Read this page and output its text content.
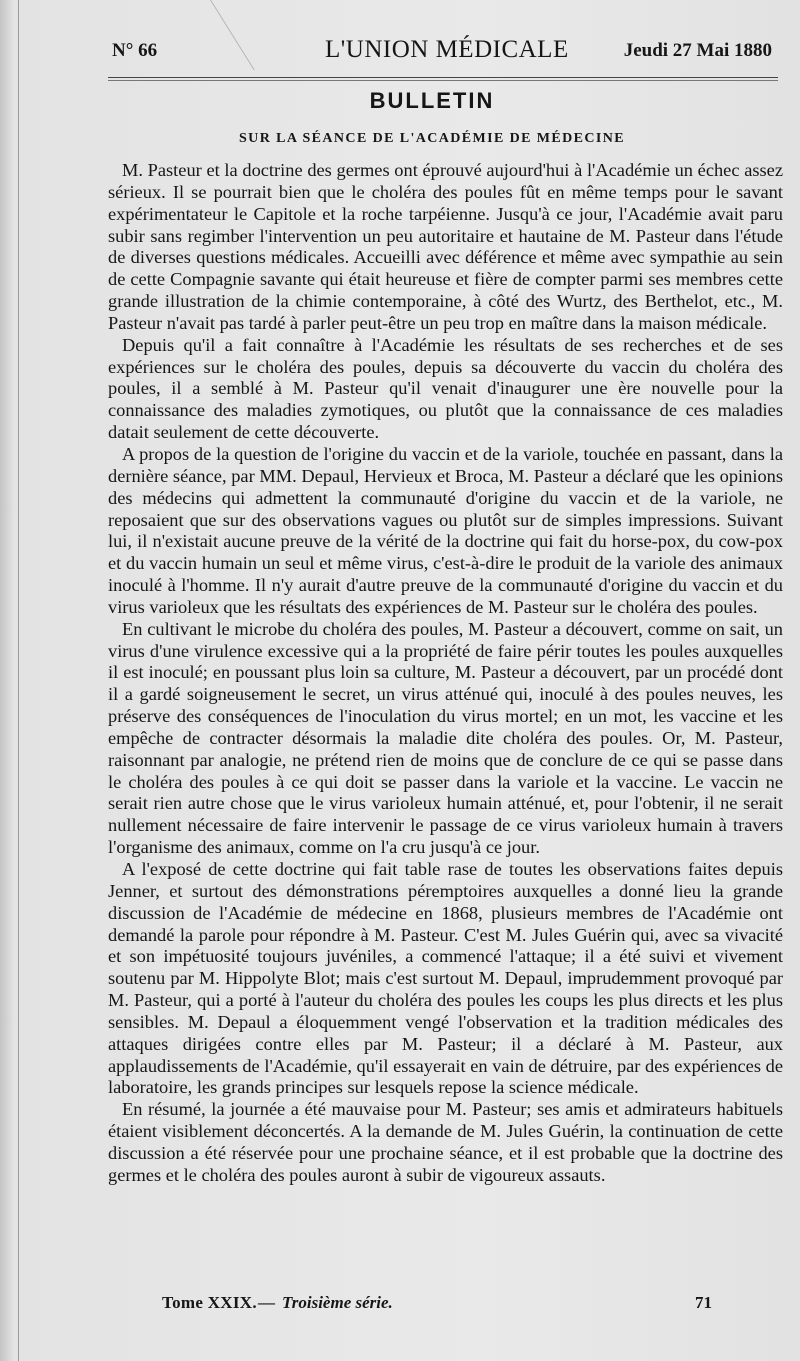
N° 66	L'UNION MÉDICALE	Jeudi 27 Mai 1880
BULLETIN
SUR LA SÉANCE DE L'ACADÉMIE DE MÉDECINE

M. Pasteur et la doctrine des germes ont éprouvé aujourd'hui à l'Académie un échec assez sérieux. Il se pourrait bien que le choléra des poules fût en même temps pour le savant expérimentateur le Capitole et la roche tarpéienne. Jusqu'à ce jour, l'Académie avait paru subir sans regimber l'intervention un peu autoritaire et hautaine de M. Pasteur dans l'étude de diverses questions médicales. Accueilli avec déférence et même avec sympathie au sein de cette Compagnie savante qui était heureuse et fière de compter parmi ses membres cette grande illustration de la chimie contemporaine, à côté des Wurtz, des Berthelot, etc., M. Pasteur n'avait pas tardé à parler peut-être un peu trop en maître dans la maison médicale.

Depuis qu'il a fait connaître à l'Académie les résultats de ses recherches et de ses expériences sur le choléra des poules, depuis sa découverte du vaccin du choléra des poules, il a semblé à M. Pasteur qu'il venait d'inaugurer une ère nouvelle pour la connaissance des maladies zymotiques, ou plutôt que la connaissance de ces maladies datait seulement de cette découverte.

A propos de la question de l'origine du vaccin et de la variole, touchée en passant, dans la dernière séance, par MM. Depaul, Hervieux et Broca, M. Pasteur a déclaré que les opinions des médecins qui admettent la communauté d'origine du vaccin et de la variole, ne reposaient que sur des observations vagues ou plutôt sur de simples impressions. Suivant lui, il n'existait aucune preuve de la vérité de la doctrine qui fait du horse-pox, du cow-pox et du vaccin humain un seul et même virus, c'est-à-dire le produit de la variole des animaux inoculé à l'homme. Il n'y aurait d'autre preuve de la communauté d'origine du vaccin et du virus varioleux que les résultats des expériences de M. Pasteur sur le choléra des poules.

En cultivant le microbe du choléra des poules, M. Pasteur a découvert, comme on sait, un virus d'une virulence excessive qui a la propriété de faire périr toutes les poules auxquelles il est inoculé; en poussant plus loin sa culture, M. Pasteur a découvert, par un procédé dont il a gardé soigneusement le secret, un virus atténué qui, inoculé à des poules neuves, les préserve des conséquences de l'inoculation du virus mortel; en un mot, les vaccine et les empêche de contracter désormais la maladie dite choléra des poules. Or, M. Pasteur, raisonnant par analogie, ne prétend rien de moins que de conclure de ce qui se passe dans le choléra des poules à ce qui doit se passer dans la variole et la vaccine. Le vaccin ne serait rien autre chose que le virus varioleux humain atténué, et, pour l'obtenir, il ne serait nullement nécessaire de faire intervenir le passage de ce virus varioleux humain à travers l'organisme des animaux, comme on l'a cru jusqu'à ce jour.

A l'exposé de cette doctrine qui fait table rase de toutes les observations faites depuis Jenner, et surtout des démonstrations péremptoires auxquelles a donné lieu la grande discussion de l'Académie de médecine en 1868, plusieurs membres de l'Académie ont demandé la parole pour répondre à M. Pasteur. C'est M. Jules Guérin qui, avec sa vivacité et son impétuosité toujours juvéniles, a commencé l'attaque; il a été suivi et vivement soutenu par M. Hippolyte Blot; mais c'est surtout M. Depaul, imprudemment provoqué par M. Pasteur, qui a porté à l'auteur du choléra des poules les coups les plus directs et les plus sensibles. M. Depaul a éloquemment vengé l'observation et la tradition médicales des attaques dirigées contre elles par M. Pasteur; il a déclaré à M. Pasteur, aux applaudissements de l'Académie, qu'il essayerait en vain de détruire, par des expériences de laboratoire, les grands principes sur lesquels repose la science médicale.

En résumé, la journée a été mauvaise pour M. Pasteur; ses amis et admirateurs habituels étaient visiblement déconcertés. A la demande de M. Jules Guérin, la continuation de cette discussion a été réservée pour une prochaine séance, et il est probable que la doctrine des germes et le choléra des poules auront à subir de vigoureux assauts.

Tome XXIX. — Troisième série.	71
